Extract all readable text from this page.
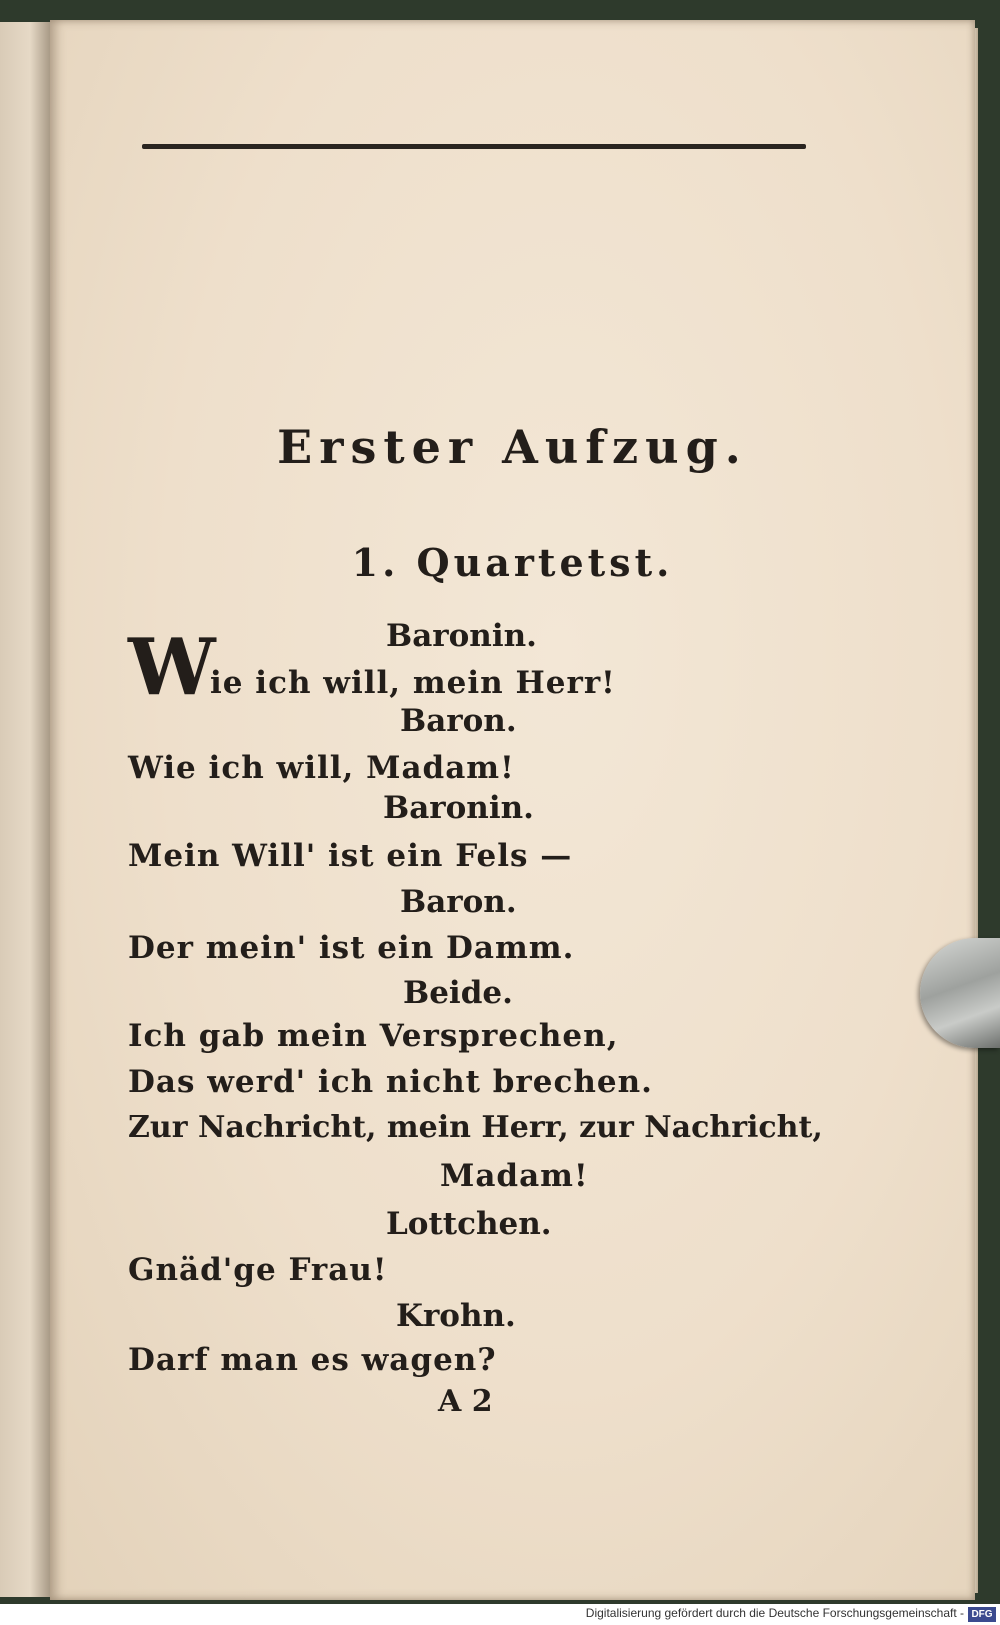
Erster Aufzug.
1. Quartetst.
W
ie ich will, mein Herr!
Baronin.
Baron.
Wie ich will, Madam!
Baronin.
Mein Will' ist ein Fels —
Baron.
Der mein' ist ein Damm.
Beide.
Ich gab mein Versprechen,
Das werd' ich nicht brechen.
Zur Nachricht, mein Herr, zur Nachricht,
Madam!
Lottchen.
Gnäd'ge Frau!
Krohn.
Darf man es wagen?
A 2
Digitalisierung gefördert durch die Deutsche Forschungsgemeinschaft - DFG
